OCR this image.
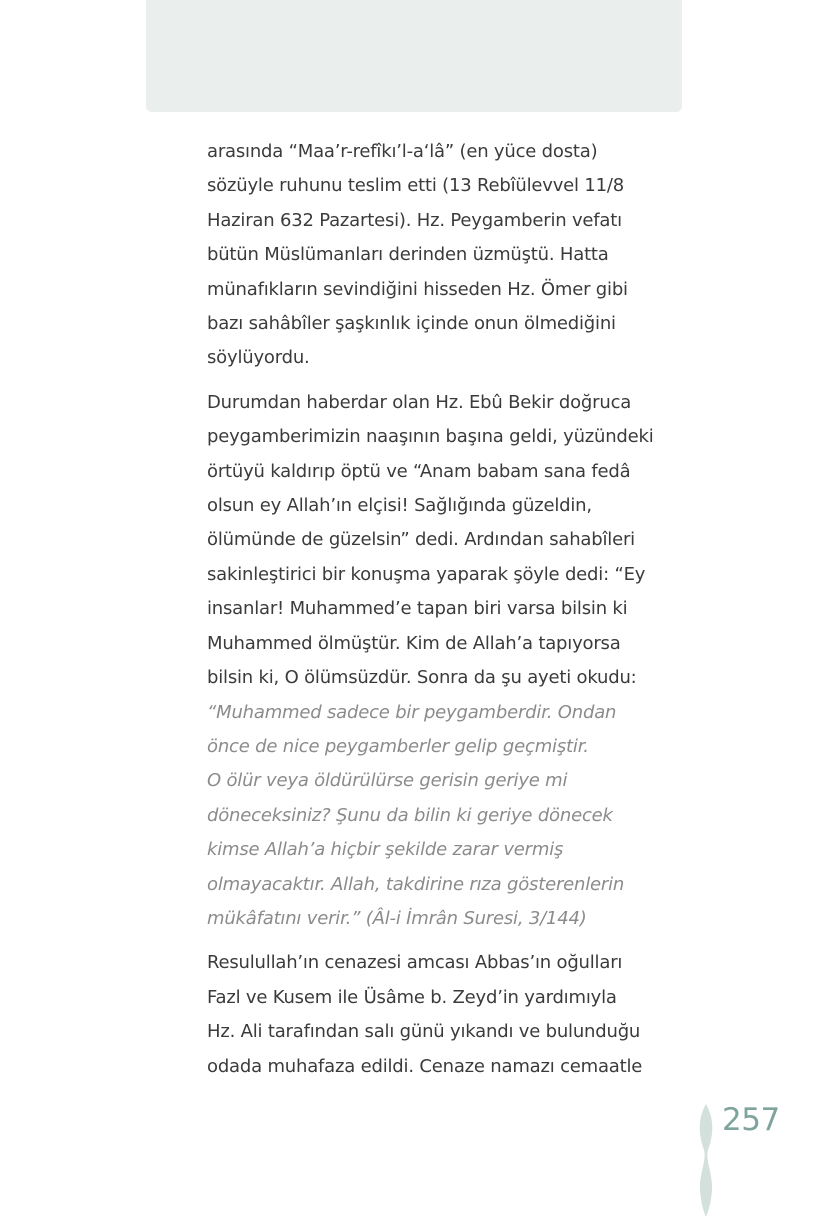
arasında “Maa’r-refîkı’l-a‘lâ” (en yüce dosta)
sözüyle ruhunu teslim etti (13 Rebîülevvel 11/8
Haziran 632 Pazartesi). Hz. Peygamberin vefatı
bütün Müslümanları derinden üzmüştü. Hatta
münafıkların sevindiğini hisseden Hz. Ömer gibi
bazı sahâbîler şaşkınlık içinde onun ölmediğini
söylüyordu.
Durumdan haberdar olan Hz. Ebû Bekir doğruca
peygamberimizin naaşının başına geldi, yüzündeki
örtüyü kaldırıp öptü ve “Anam babam sana fedâ
olsun ey Allah’ın elçisi! Sağlığında güzeldin,
ölümünde de güzelsin” dedi. Ardından sahabîleri
sakinleştirici bir konuşma yaparak şöyle dedi: “Ey
insanlar! Muhammed’e tapan biri varsa bilsin ki
Muhammed ölmüştür. Kim de Allah’a tapıyorsa
bilsin ki, O ölümsüzdür. Sonra da şu ayeti okudu:
“Muhammed sadece bir peygamberdir. Ondan
önce de nice peygamberler gelip geçmiştir.
O ölür veya öldürülürse gerisin geriye mi
döneceksiniz? Şunu da bilin ki geriye dönecek
kimse Allah’a hiçbir şekilde zarar vermiş
olmayacaktır. Allah, takdirine rıza gösterenlerin
mükâfatını verir.” (Âl-i İmrân Suresi, 3/144)
Resulullah’ın cenazesi amcası Abbas’ın oğulları
Fazl ve Kusem ile Üsâme b. Zeyd’in yardımıyla
Hz. Ali tarafından salı günü yıkandı ve bulunduğu
odada muhafaza edildi. Cenaze namazı cemaatle
257
